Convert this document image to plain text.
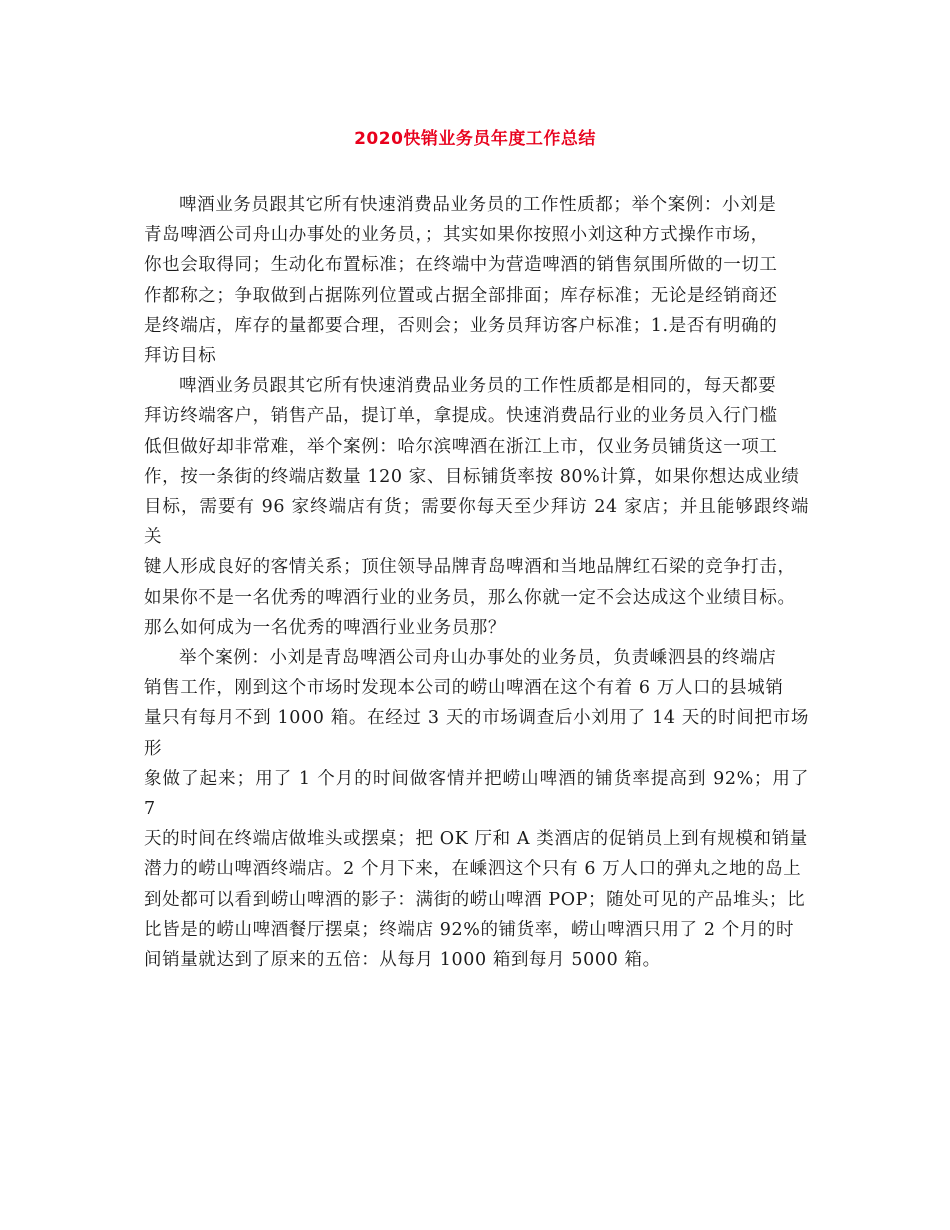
2020快销业务员年度工作总结

啤酒业务员跟其它所有快速消费品业务员的工作性质都；举个案例：小刘是
青岛啤酒公司舟山办事处的业务员，；其实如果你按照小刘这种方式操作市场，
你也会取得同；生动化布置标准；在终端中为营造啤酒的销售氛围所做的一切工
作都称之；争取做到占据陈列位置或占据全部排面；库存标准；无论是经销商还
是终端店，库存的量都要合理，否则会；业务员拜访客户标准；1.是否有明确的
拜访目标

啤酒业务员跟其它所有快速消费品业务员的工作性质都是相同的，每天都要
拜访终端客户，销售产品，提订单，拿提成。快速消费品行业的业务员入行门槛
低但做好却非常难，举个案例：哈尔滨啤酒在浙江上市，仅业务员铺货这一项工
作，按一条街的终端店数量 120 家、目标铺货率按 80%计算，如果你想达成业绩
目标，需要有 96 家终端店有货；需要你每天至少拜访 24 家店；并且能够跟终端关
键人形成良好的客情关系；顶住领导品牌青岛啤酒和当地品牌红石梁的竞争打击，
如果你不是一名优秀的啤酒行业的业务员，那么你就一定不会达成这个业绩目标。
那么如何成为一名优秀的啤酒行业业务员那？

举个案例：小刘是青岛啤酒公司舟山办事处的业务员，负责嵊泗县的终端店
销售工作，刚到这个市场时发现本公司的崂山啤酒在这个有着 6 万人口的县城销
量只有每月不到 1000 箱。在经过 3 天的市场调查后小刘用了 14 天的时间把市场形
象做了起来；用了 1 个月的时间做客情并把崂山啤酒的铺货率提高到 92%；用了 7
天的时间在终端店做堆头或摆桌；把 OK 厅和 A 类酒店的促销员上到有规模和销量
潜力的崂山啤酒终端店。2 个月下来，在嵊泗这个只有 6 万人口的弹丸之地的岛上
到处都可以看到崂山啤酒的影子：满街的崂山啤酒 POP；随处可见的产品堆头；比
比皆是的崂山啤酒餐厅摆桌；终端店 92%的铺货率，崂山啤酒只用了 2 个月的时
间销量就达到了原来的五倍：从每月 1000 箱到每月 5000 箱。
